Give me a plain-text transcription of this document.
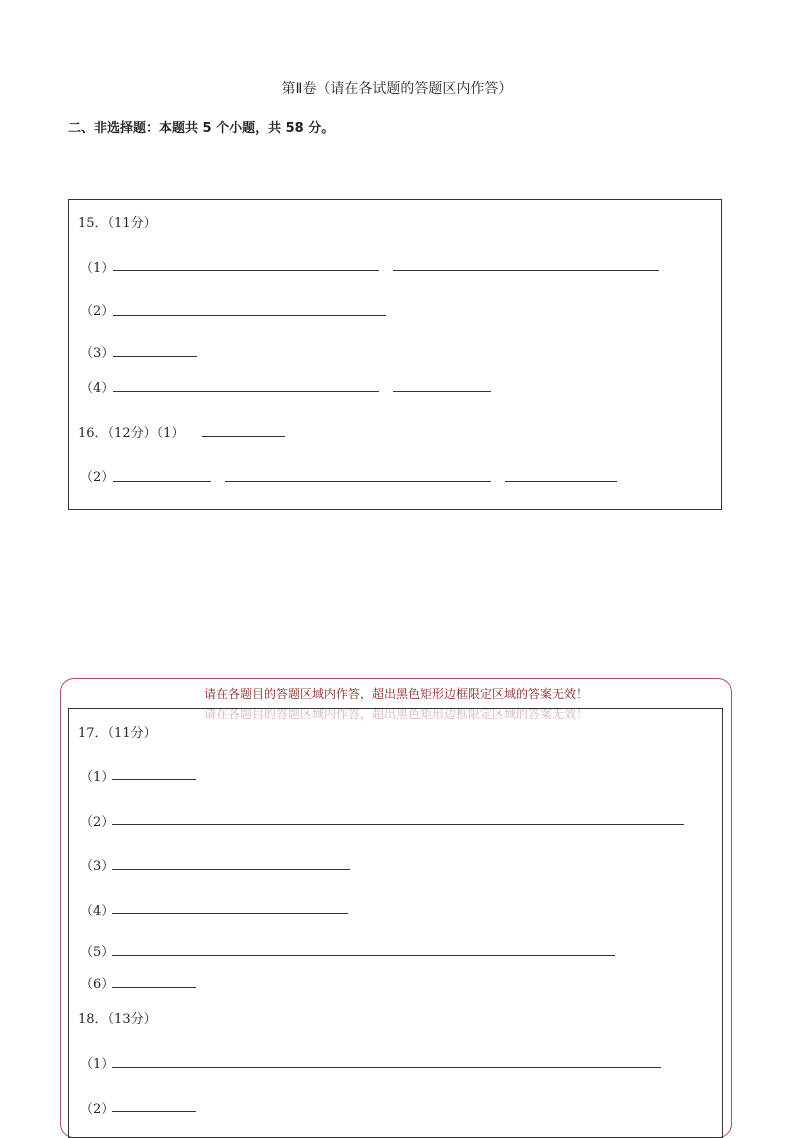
第Ⅱ卷（请在各试题的答题区内作答）
二、非选择题：本题共 5 个小题，共 58 分。
15．（11分）
（1）
（2）
（3）
（4）
16．（12分）（1）
（2）
请在各题目的答题区域内作答，超出黑色矩形边框限定区域的答案无效！
请在各题目的答题区域内作答，超出黑色矩形边框限定区域的答案无效！
17．（11分）
（1）
（2）
（3）
（4）
（5）
（6）
18．（13分）
（1）
（2）
